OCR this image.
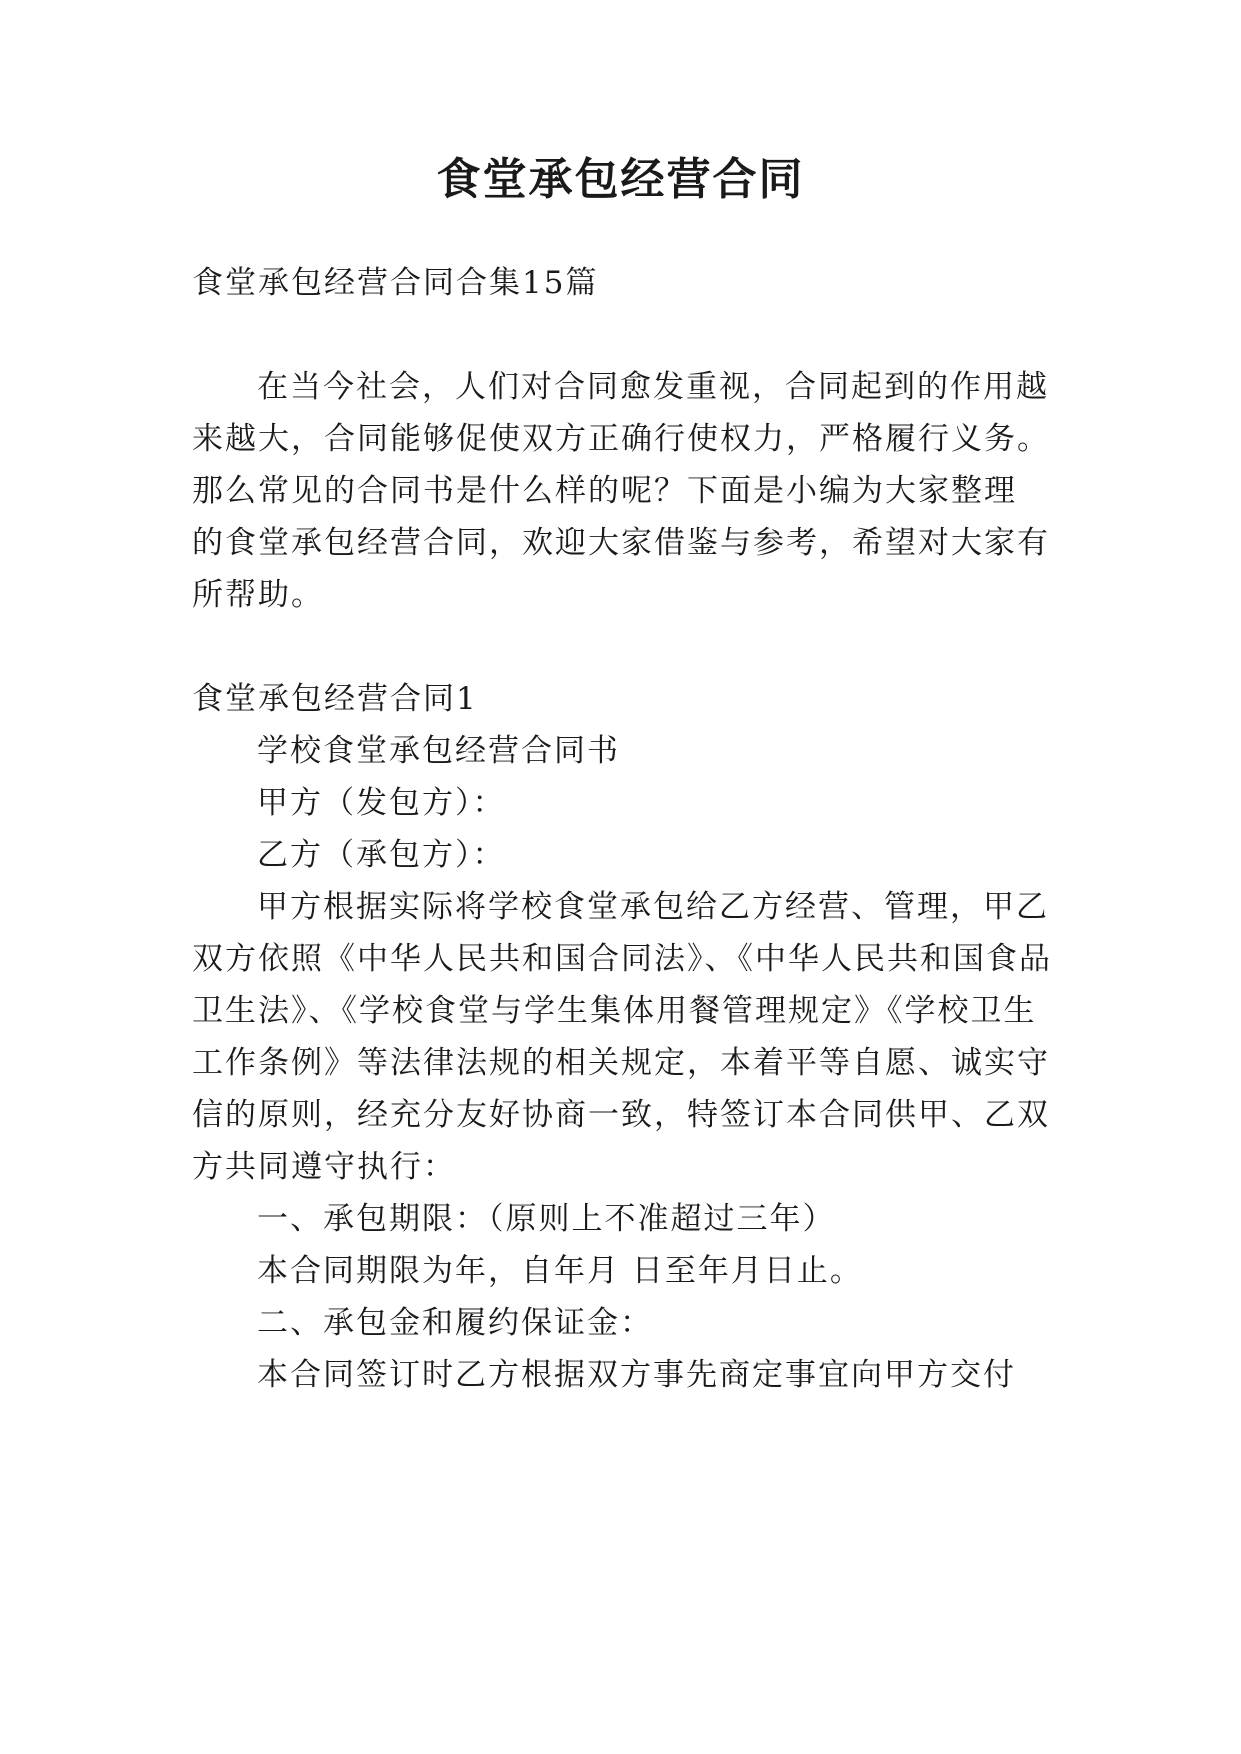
食堂承包经营合同
食堂承包经营合同合集15篇
在当今社会，人们对合同愈发重视，合同起到的作用越
来越大，合同能够促使双方正确行使权力，严格履行义务。
那么常见的合同书是什么样的呢？下面是小编为大家整理
的食堂承包经营合同，欢迎大家借鉴与参考，希望对大家有
所帮助。
食堂承包经营合同1
学校食堂承包经营合同书
甲方（发包方）：
乙方（承包方）：
甲方根据实际将学校食堂承包给乙方经营、管理，甲乙
双方依照《中华人民共和国合同法》、《中华人民共和国食品
卫生法》、《学校食堂与学生集体用餐管理规定》《学校卫生
工作条例》等法律法规的相关规定，本着平等自愿、诚实守
信的原则，经充分友好协商一致，特签订本合同供甲、乙双
方共同遵守执行：
一、承包期限：（原则上不准超过三年）
本合同期限为年，自年月 日至年月日止。
二、承包金和履约保证金：
本合同签订时乙方根据双方事先商定事宜向甲方交付
